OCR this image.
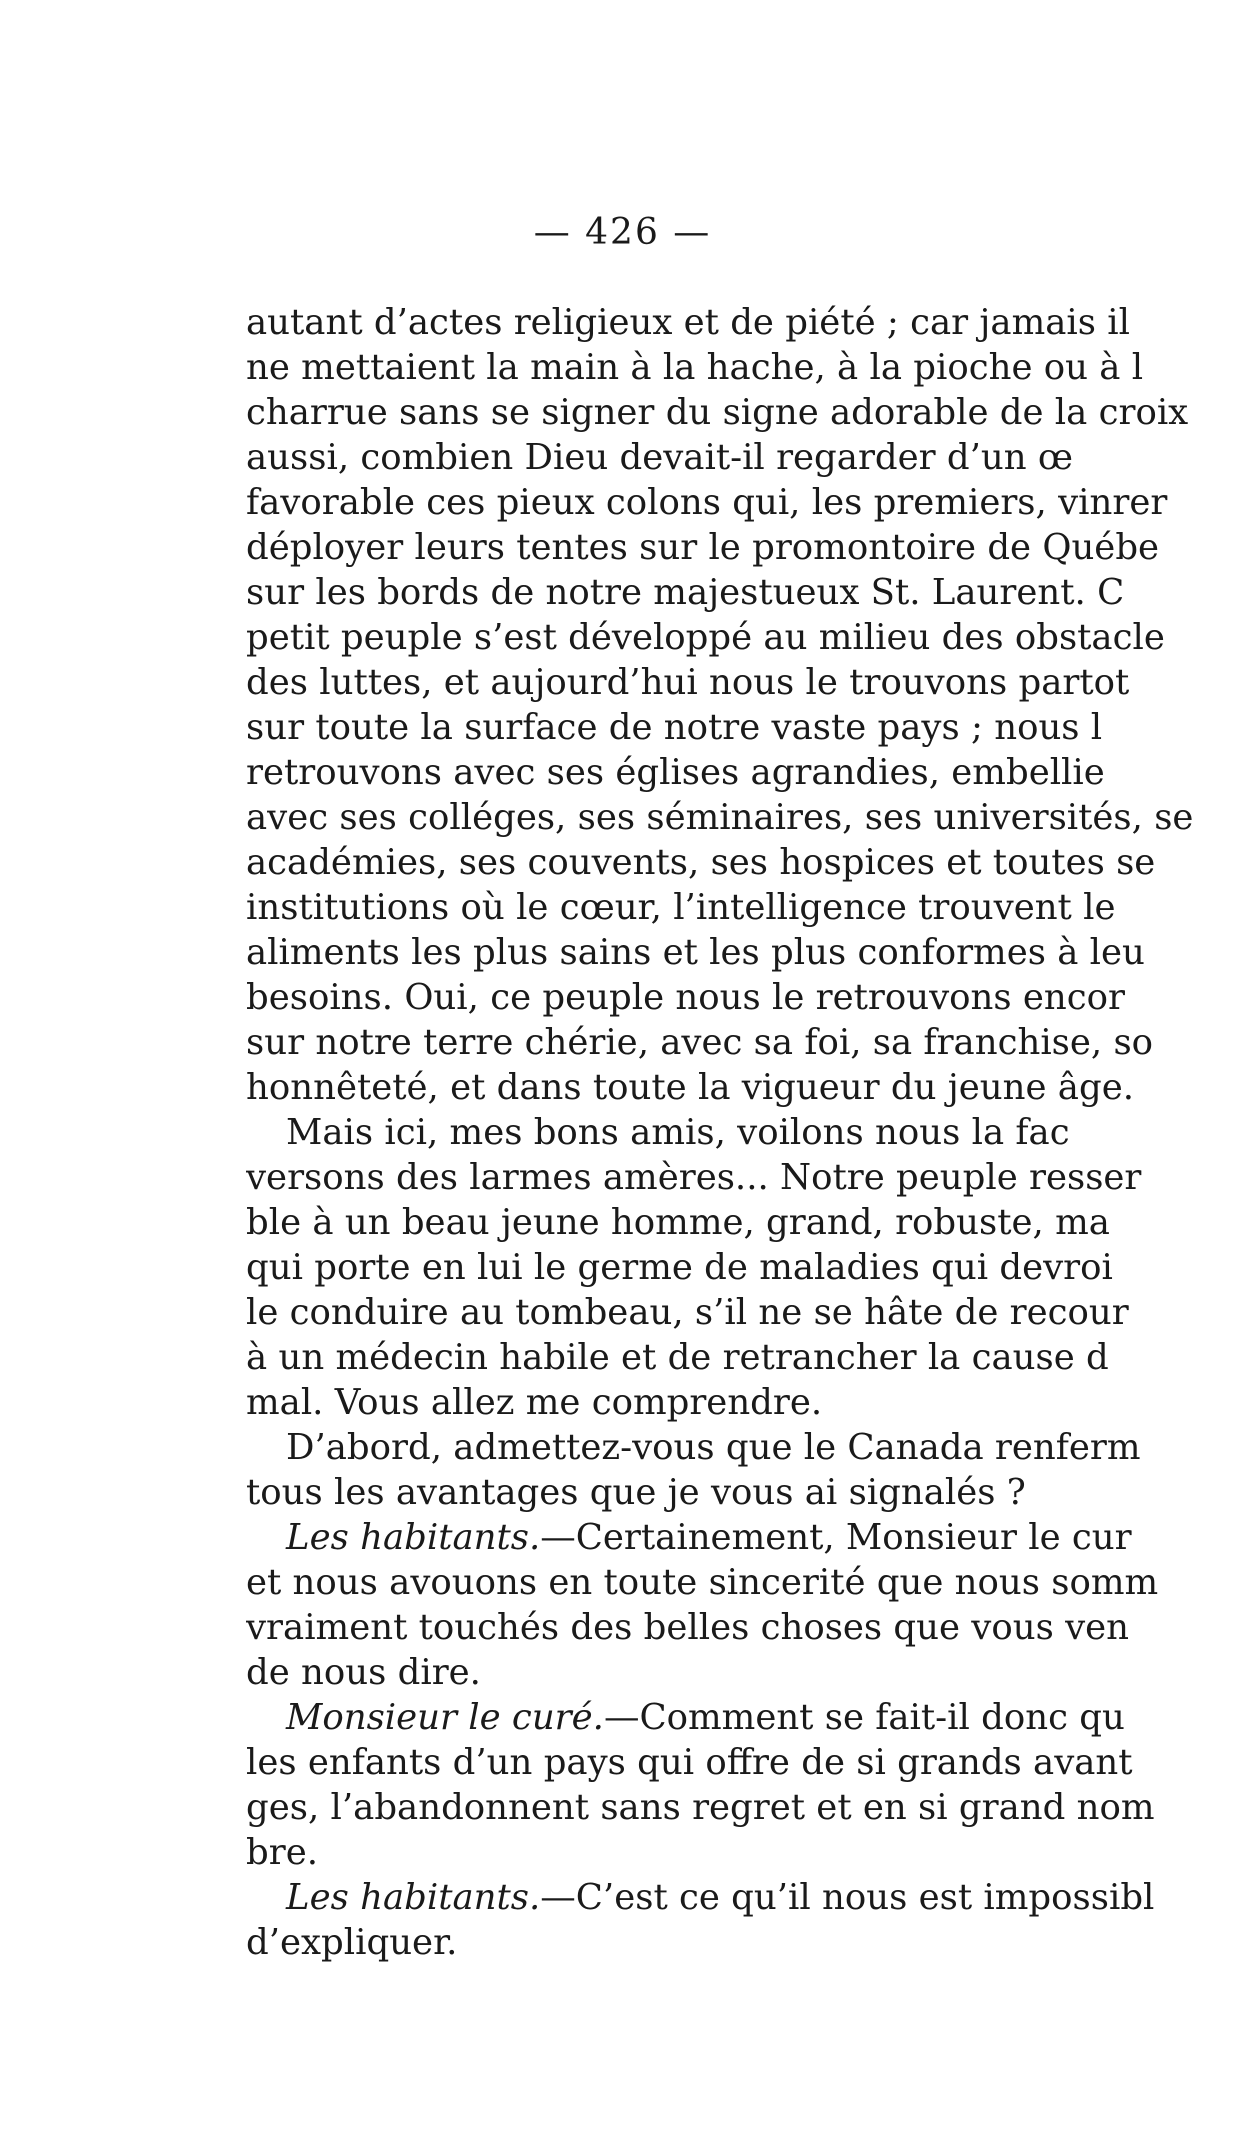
— 426 —
autant d’actes religieux et de piété ; car jamais il
ne mettaient la main à la hache, à la pioche ou à l
charrue sans se signer du signe adorable de la croix
aussi, combien Dieu devait-il regarder d’un œ
favorable ces pieux colons qui, les premiers, vinrer
déployer leurs tentes sur le promontoire de Québe
sur les bords de notre majestueux St. Laurent. C
petit peuple s’est développé au milieu des obstacle
des luttes, et aujourd’hui nous le trouvons partot
sur toute la surface de notre vaste pays ; nous l
retrouvons avec ses églises agrandies, embellie
avec ses colléges, ses séminaires, ses universités, se
académies, ses couvents, ses hospices et toutes se
institutions où le cœur, l’intelligence trouvent le
aliments les plus sains et les plus conformes à leu
besoins. Oui, ce peuple nous le retrouvons encor
sur notre terre chérie, avec sa foi, sa franchise, so
honnêteté, et dans toute la vigueur du jeune âge.
Mais ici, mes bons amis, voilons nous la fac
versons des larmes amères... Notre peuple resser
ble à un beau jeune homme, grand, robuste, ma
qui porte en lui le germe de maladies qui devroi
le conduire au tombeau, s’il ne se hâte de recour
à un médecin habile et de retrancher la cause d
mal. Vous allez me comprendre.
D’abord, admettez-vous que le Canada renferm
tous les avantages que je vous ai signalés ?
Les habitants.—Certainement, Monsieur le cur
et nous avouons en toute sincerité que nous somm
vraiment touchés des belles choses que vous ven
de nous dire.
Monsieur le curé.—Comment se fait-il donc qu
les enfants d’un pays qui offre de si grands avant
ges, l’abandonnent sans regret et en si grand nom
bre.
Les habitants.—C’est ce qu’il nous est impossibl
d’expliquer.
